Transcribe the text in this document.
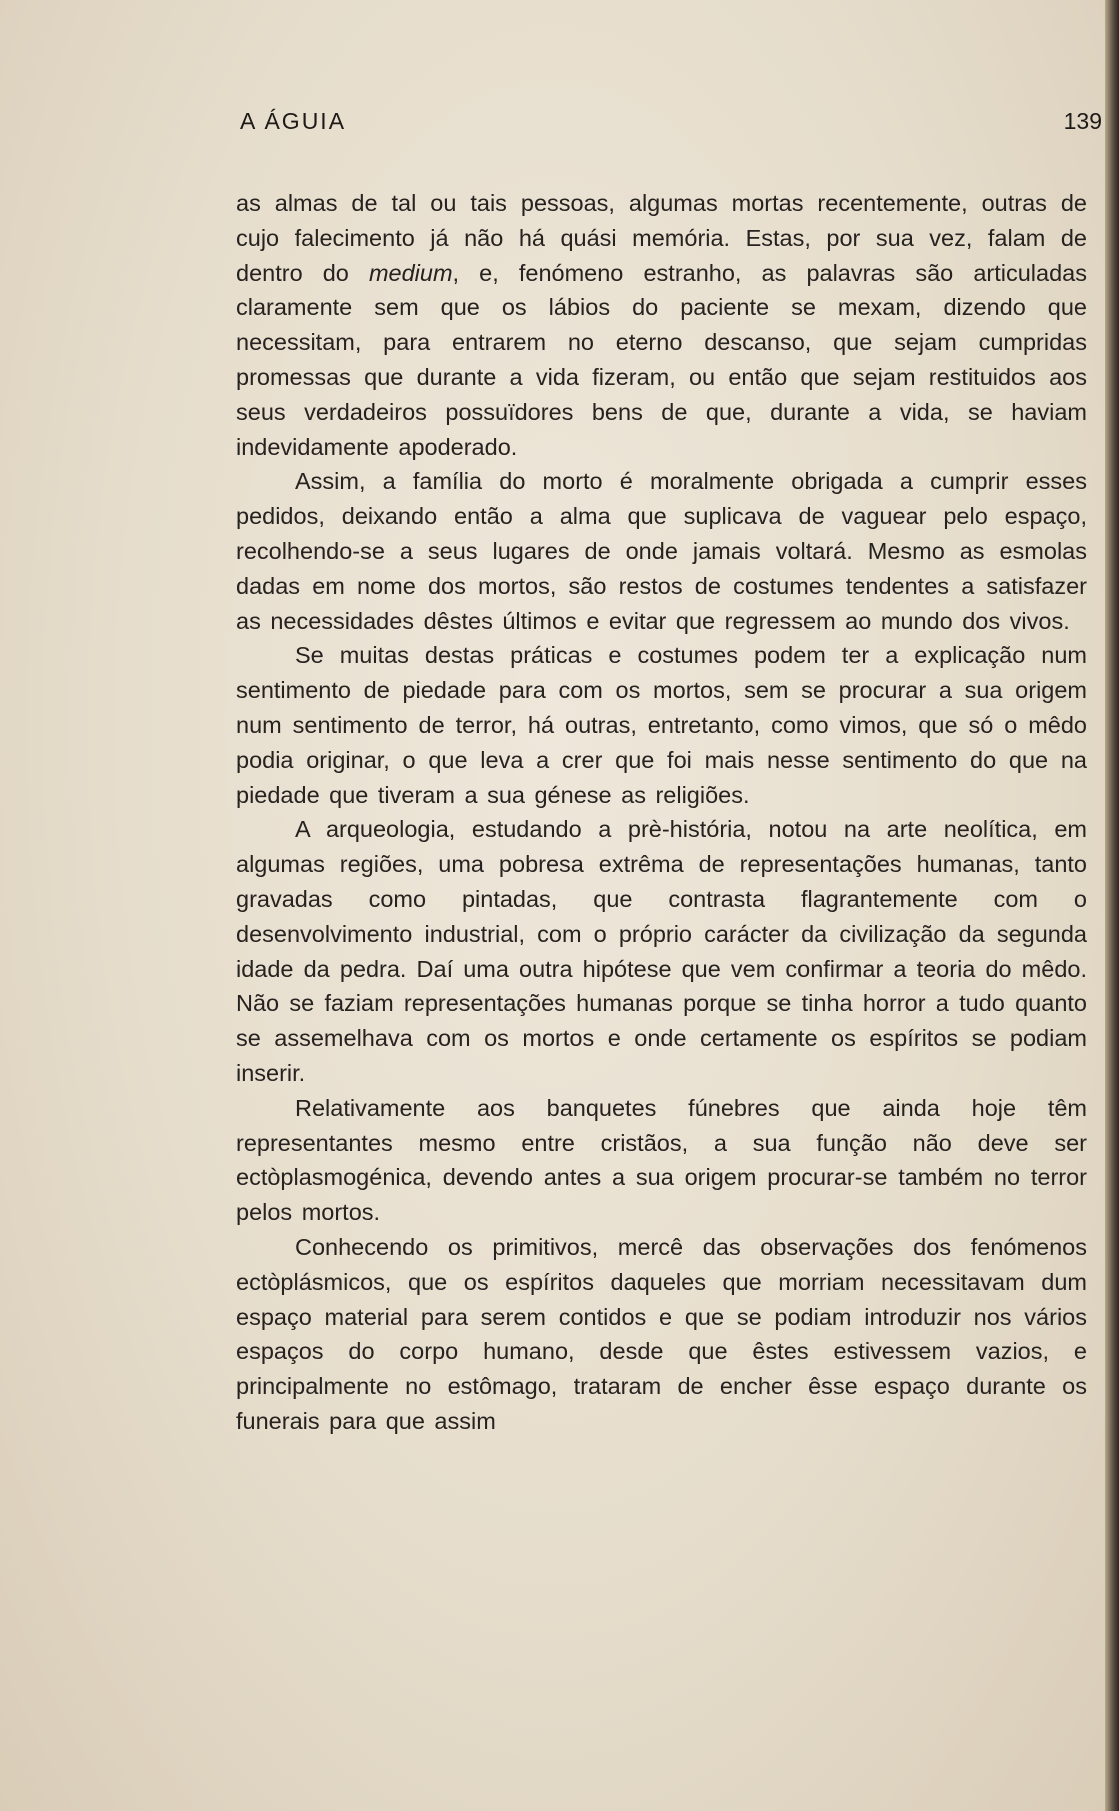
A ÁGUIA	139

as almas de tal ou tais pessoas, algumas mortas recentemente, outras de cujo falecimento já não há quási memória. Estas, por sua vez, falam de dentro do medium, e, fenómeno estranho, as palavras são articuladas claramente sem que os lábios do paciente se mexam, dizendo que necessitam, para entrarem no eterno descanso, que sejam cumpridas promessas que durante a vida fizeram, ou então que sejam restituidos aos seus verdadeiros possuïdores bens de que, durante a vida, se haviam indevidamente apoderado.

Assim, a família do morto é moralmente obrigada a cumprir esses pedidos, deixando então a alma que suplicava de vaguear pelo espaço, recolhendo-se a seus lugares de onde jamais voltará. Mesmo as esmolas dadas em nome dos mortos, são restos de costumes tendentes a satisfazer as necessidades dêstes últimos e evitar que regressem ao mundo dos vivos.

Se muitas destas práticas e costumes podem ter a explicação num sentimento de piedade para com os mortos, sem se procurar a sua origem num sentimento de terror, há outras, entretanto, como vimos, que só o mêdo podia originar, o que leva a crer que foi mais nesse sentimento do que na piedade que tiveram a sua génese as religiões.

A arqueologia, estudando a prè-história, notou na arte neolítica, em algumas regiões, uma pobresa extrêma de representações humanas, tanto gravadas como pintadas, que contrasta flagrantemente com o desenvolvimento industrial, com o próprio carácter da civilização da segunda idade da pedra. Daí uma outra hipótese que vem confirmar a teoria do mêdo. Não se faziam representações humanas porque se tinha horror a tudo quanto se assemelhava com os mortos e onde certamente os espíritos se podiam inserir.

Relativamente aos banquetes fúnebres que ainda hoje têm representantes mesmo entre cristãos, a sua função não deve ser ectòplasmogénica, devendo antes a sua origem procurar-se também no terror pelos mortos.

Conhecendo os primitivos, mercê das observações dos fenómenos ectòplásmicos, que os espíritos daqueles que morriam necessitavam dum espaço material para serem contidos e que se podiam introduzir nos vários espaços do corpo humano, desde que êstes estivessem vazios, e principalmente no estômago, trataram de encher êsse espaço durante os funerais para que assim
